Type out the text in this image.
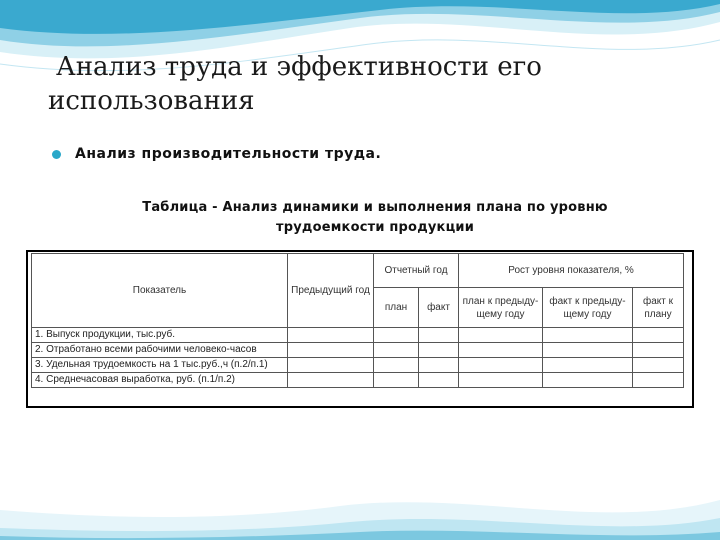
Анализ труда и эффективности его
использования
Анализ производительности труда.
Таблица - Анализ динамики и выполнения плана по уровню
трудоемкости продукции
Показатель	Предыдущий год	Отчетный год		Рост уровня показателя, %		
		план	факт	план к предыду-щему году	факт к предыду-щему году	факт к плану
1. Выпуск продукции, тыс.руб.						
2. Отработано всеми рабочими человеко-часов						
3. Удельная трудоемкость на 1 тыс.руб.,ч (п.2/п.1)						
4. Среднечасовая выработка, руб. (п.1/п.2)						
